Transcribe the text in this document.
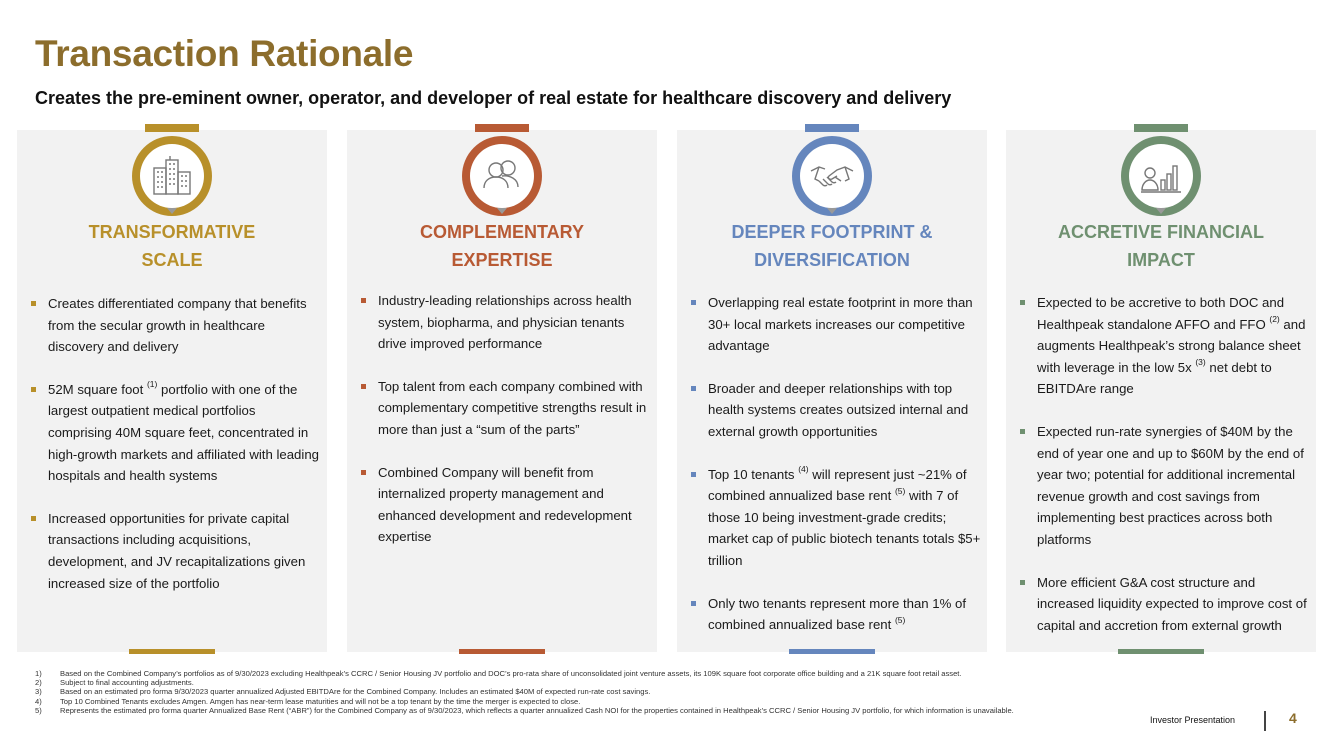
Transaction Rationale
Creates the pre-eminent owner, operator, and developer of real estate for healthcare discovery and delivery
TRANSFORMATIVE
SCALE
Creates differentiated company that benefits from the secular growth in healthcare discovery and delivery
52M square foot $^{(1)}$ portfolio with one of the largest outpatient medical portfolios comprising 40M square feet, concentrated in high-growth markets and affiliated with leading hospitals and health systems
Increased opportunities for private capital transactions including acquisitions, development, and JV recapitalizations given increased size of the portfolio
COMPLEMENTARY
EXPERTISE
Industry-leading relationships across health system, biopharma, and physician tenants drive improved performance
Top talent from each company combined with complementary competitive strengths result in more than just a “sum of the parts”
Combined Company will benefit from internalized property management and enhanced development and redevelopment expertise
DEEPER FOOTPRINT &
DIVERSIFICATION
Overlapping real estate footprint in more than 30+ local markets increases our competitive advantage
Broader and deeper relationships with top health systems creates outsized internal and external growth opportunities
Top 10 tenants $^{(4)}$ will represent just ~21% of combined annualized base rent $^{(5)}$ with 7 of those 10 being investment-grade credits; market cap of public biotech tenants totals $5+ trillion
Only two tenants represent more than 1% of combined annualized base rent $^{(5)}$
ACCRETIVE FINANCIAL
IMPACT
Expected to be accretive to both DOC and Healthpeak standalone AFFO and FFO $^{(2)}$ and augments Healthpeak’s strong balance sheet with leverage in the low 5x $^{(3)}$ net debt to EBITDAre range
Expected run-rate synergies of $40M by the end of year one and up to $60M by the end of year two; potential for additional incremental revenue growth and cost savings from implementing best practices across both platforms
More efficient G&A cost structure and increased liquidity expected to improve cost of capital and accretion from external growth
1)	Based on the Combined Company’s portfolios as of 9/30/2023 excluding Healthpeak’s CCRC / Senior Housing JV portfolio and DOC’s pro-rata share of unconsolidated joint venture assets, its 109K square foot corporate office building and a 21K square foot retail asset.
2)	Subject to final accounting adjustments.
3)	Based on an estimated pro forma 9/30/2023 quarter annualized Adjusted EBITDAre for the Combined Company. Includes an estimated $40M of expected run-rate cost savings.
4)	Top 10 Combined Tenants excludes Amgen. Amgen has near-term lease maturities and will not be a top tenant by the time the merger is expected to close.
5)	Represents the estimated pro forma quarter Annualized Base Rent (“ABR”) for the Combined Company as of 9/30/2023, which reflects a quarter annualized Cash NOI for the properties contained in Healthpeak’s CCRC / Senior Housing JV portfolio, for which information is unavailable.
Investor Presentation	4
